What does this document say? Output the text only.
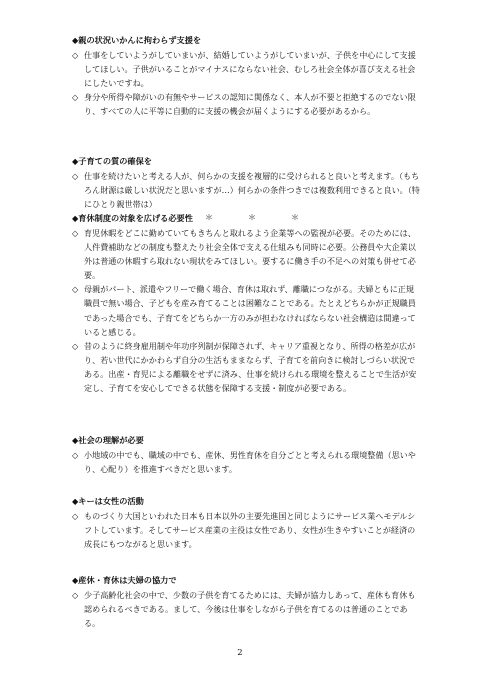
◆親の状況いかんに拘わらず支援を
◇ 仕事をしていようがしていまいが、結婚していようがしていまいが、子供を中心にして支援してほしい。子供がいることがマイナスにならない社会、むしろ社会全体が喜び支える社会にしたいですね。
◇ 身分や所得や障がいの有無やサービスの認知に関係なく、本人が不要と拒絶するのでない限り、すべての人に平等に自動的に支援の機会が届くようにする必要があるから。
◆子育ての質の確保を
◇ 仕事を続けたいと考える人が、何らかの支援を複層的に受けられると良いと考えます。（もちろん財源は厳しい状況だと思いますが…）何らかの条件つきでは複数利用できると良い。（特にひとり親世帯は）
＊	＊	＊
◆育休制度の対象を広げる必要性
◇ 育児休暇をどこに勤めていてもきちんと取れるよう企業等への監視が必要。そのためには、人件費補助などの制度も整えたり社会全体で支える仕組みも同時に必要。公務員や大企業以外は普通の休暇すら取れない現状をみてほしい。要するに働き手の不足への対策も併せて必要。
◇ 母親がパート、派遣やフリーで働く場合、育休は取れず、離職につながる。夫婦ともに正規職員で無い場合、子どもを産み育てることは困難なことである。たとえどちらかが正規職員であった場合でも、子育てをどちらか一方のみが担わなければならない社会構造は間違っていると感じる。
◇ 昔のように終身雇用制や年功序列制が保障されず、キャリア重視となり、所得の格差が広がり、若い世代にかかわらず自分の生活もままならず、子育てを前向きに検討しづらい状況である。出産・育児による離職をせずに済み、仕事を続けられる環境を整えることで生活が安定し、子育てを安心してできる状態を保障する支援・制度が必要である。
◆社会の理解が必要
◇ 小地域の中でも、職域の中でも、産休、男性育休を自分ごとと考えられる環境整備（思いやり、心配り）を推進すべきだと思います。
◆キーは女性の活動
◇ ものづくり大国といわれた日本も日本以外の主要先進国と同じようにサービス業へモデルシフトしています。そしてサービス産業の主役は女性であり、女性が生きやすいことが経済の成長にもつながると思います。
◆産休・育休は夫婦の協力で
◇ 少子高齢化社会の中で、少数の子供を育てるためには、夫婦が協力しあって、産休も育休も認められるべきである。まして、今後は仕事をしながら子供を育てるのは普通のことである。
2
